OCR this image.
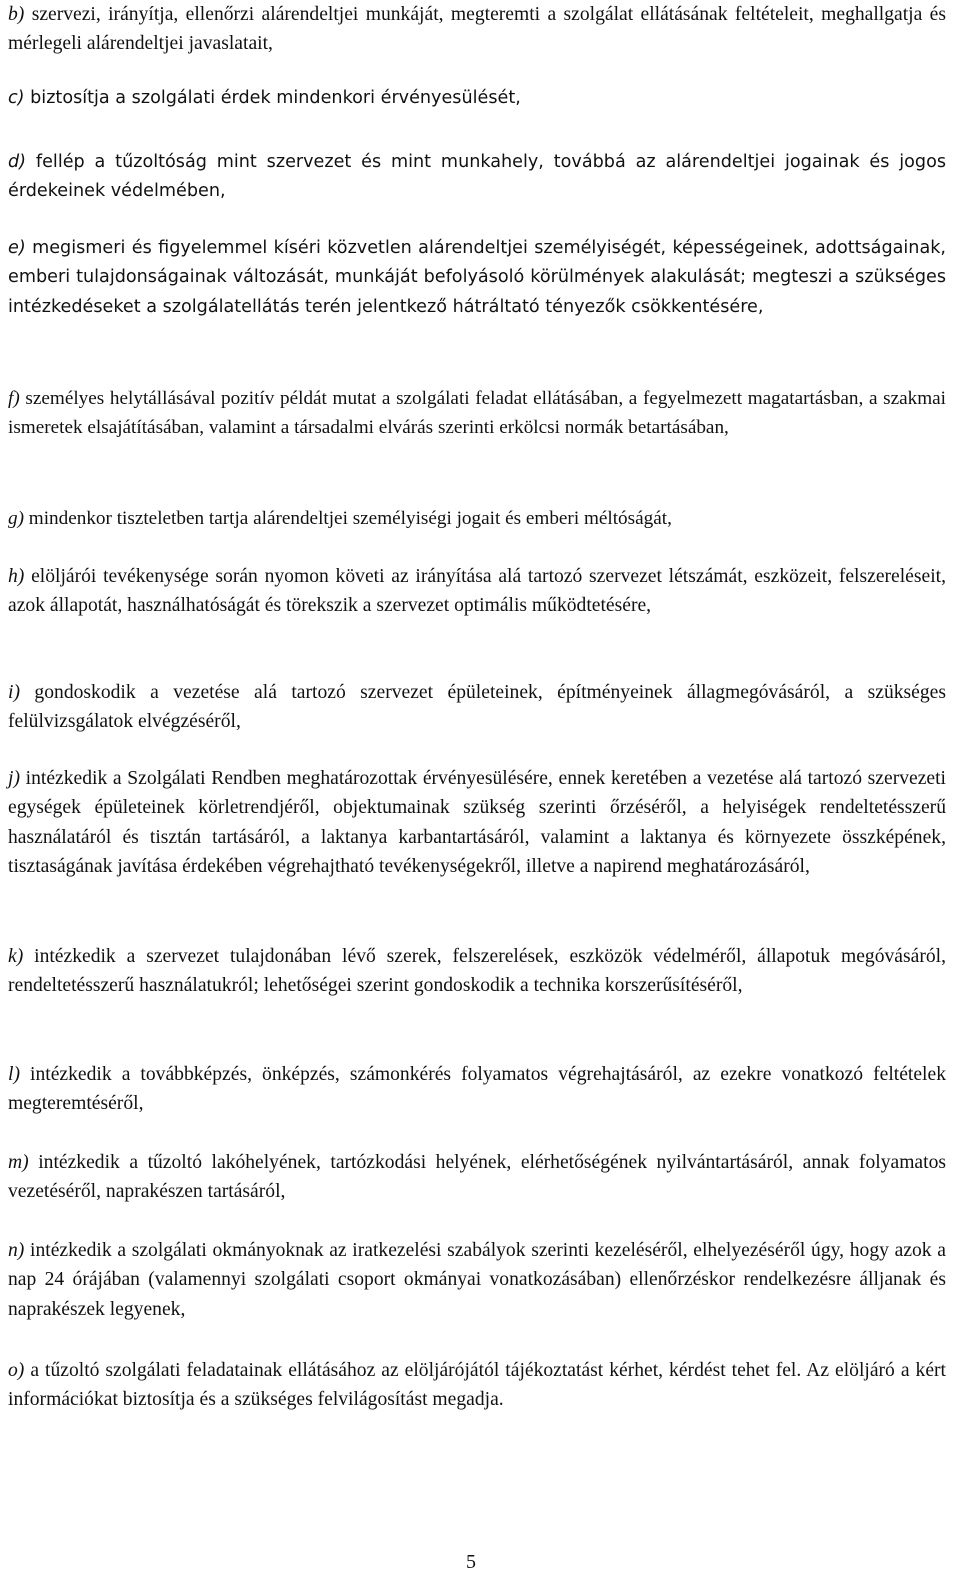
b) szervezi, irányítja, ellenőrzi alárendeltjei munkáját, megteremti a szolgálat ellátásának feltételeit, meghallgatja és mérlegeli alárendeltjei javaslatait,

c) biztosítja a szolgálati érdek mindenkori érvényesülését,

d) fellép a tűzoltóság mint szervezet és mint munkahely, továbbá az alárendeltjei jogainak és jogos érdekeinek védelmében,

e) megismeri és figyelemmel kíséri közvetlen alárendeltjei személyiségét, képességeinek, adottságainak, emberi tulajdonságainak változását, munkáját befolyásoló körülmények alakulását; megteszi a szükséges intézkedéseket a szolgálatellátás terén jelentkező hátráltató tényezők csökkentésére,

f) személyes helytállásával pozitív példát mutat a szolgálati feladat ellátásában, a fegyelmezett magatartásban, a szakmai ismeretek elsajátításában, valamint a társadalmi elvárás szerinti erkölcsi normák betartásában,

g) mindenkor tiszteletben tartja alárendeltjei személyiségi jogait és emberi méltóságát,

h) elöljárói tevékenysége során nyomon követi az irányítása alá tartozó szervezet létszámát, eszközeit, felszereléseit, azok állapotát, használhatóságát és törekszik a szervezet optimális működtetésére,

i) gondoskodik a vezetése alá tartozó szervezet épületeinek, építményeinek állagmegóvásáról, a szükséges felülvizsgálatok elvégzéséről,

j) intézkedik a Szolgálati Rendben meghatározottak érvényesülésére, ennek keretében a vezetése alá tartozó szervezeti egységek épületeinek körletrendjéről, objektumainak szükség szerinti őrzéséről, a helyiségek rendeltetésszerű használatáról és tisztán tartásáról, a laktanya karbantartásáról, valamint a laktanya és környezete összképének, tisztaságának javítása érdekében végrehajtható tevékenységekről, illetve a napirend meghatározásáról,

k) intézkedik a szervezet tulajdonában lévő szerek, felszerelések, eszközök védelméről, állapotuk megóvásáról, rendeltetésszerű használatukról; lehetőségei szerint gondoskodik a technika korszerűsítéséről,

l) intézkedik a továbbképzés, önképzés, számonkérés folyamatos végrehajtásáról, az ezekre vonatkozó feltételek megteremtéséről,

m) intézkedik a tűzoltó lakóhelyének, tartózkodási helyének, elérhetőségének nyilvántartásáról, annak folyamatos vezetéséről, naprakészen tartásáról,

n) intézkedik a szolgálati okmányoknak az iratkezelési szabályok szerinti kezeléséről, elhelyezéséről úgy, hogy azok a nap 24 órájában (valamennyi szolgálati csoport okmányai vonatkozásában) ellenőrzéskor rendelkezésre álljanak és naprakészek legyenek,

o) a tűzoltó szolgálati feladatainak ellátásához az elöljárójától tájékoztatást kérhet, kérdést tehet fel. Az elöljáró a kért információkat biztosítja és a szükséges felvilágosítást megadja.

5
